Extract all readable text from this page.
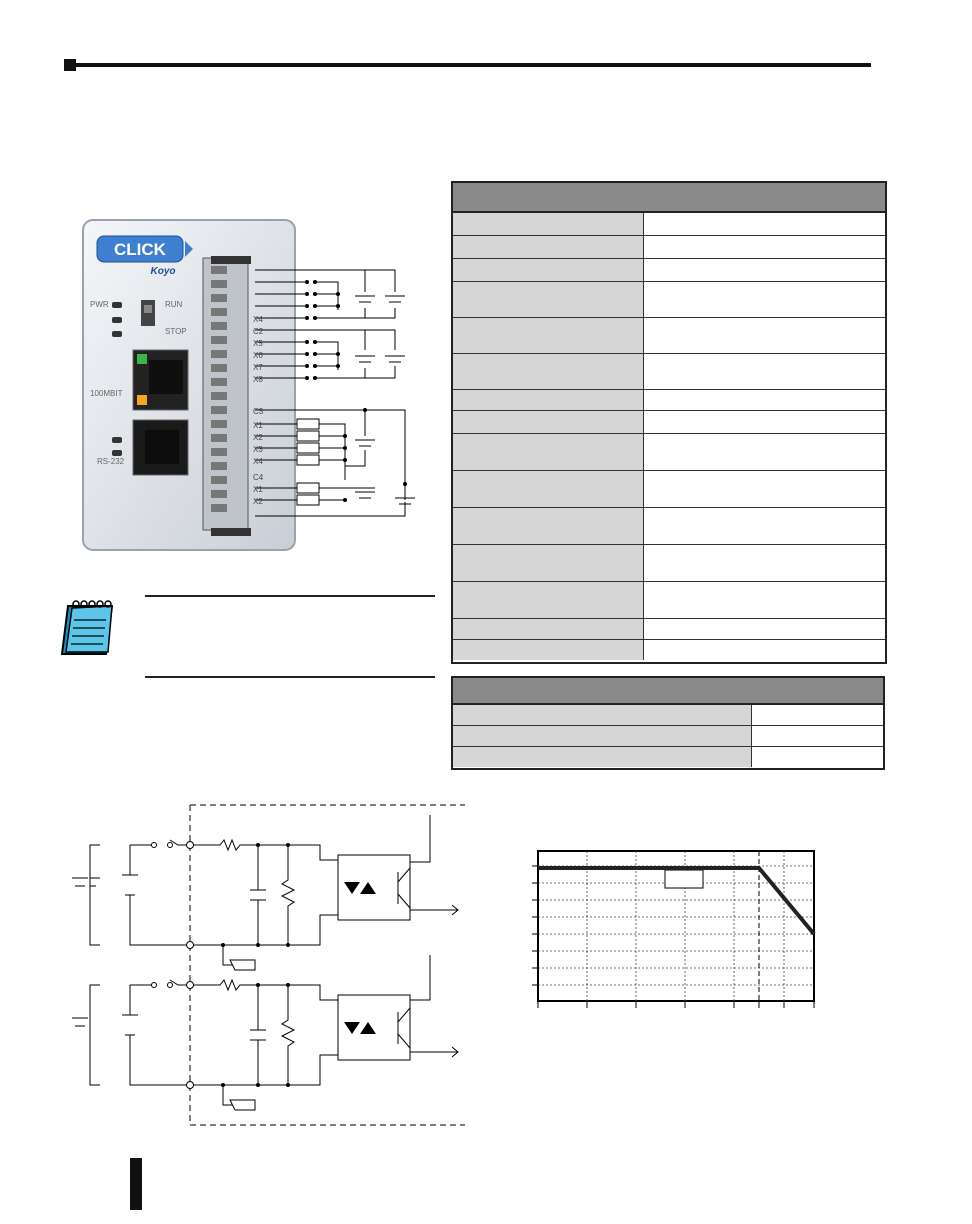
CLICK
Koyo
PWR	RUN
STOP
100MBIT
RS-232
X4
C2
X5
X6
X7
X8
C3
X1
X2
X3
X4
C4
X1
X2
